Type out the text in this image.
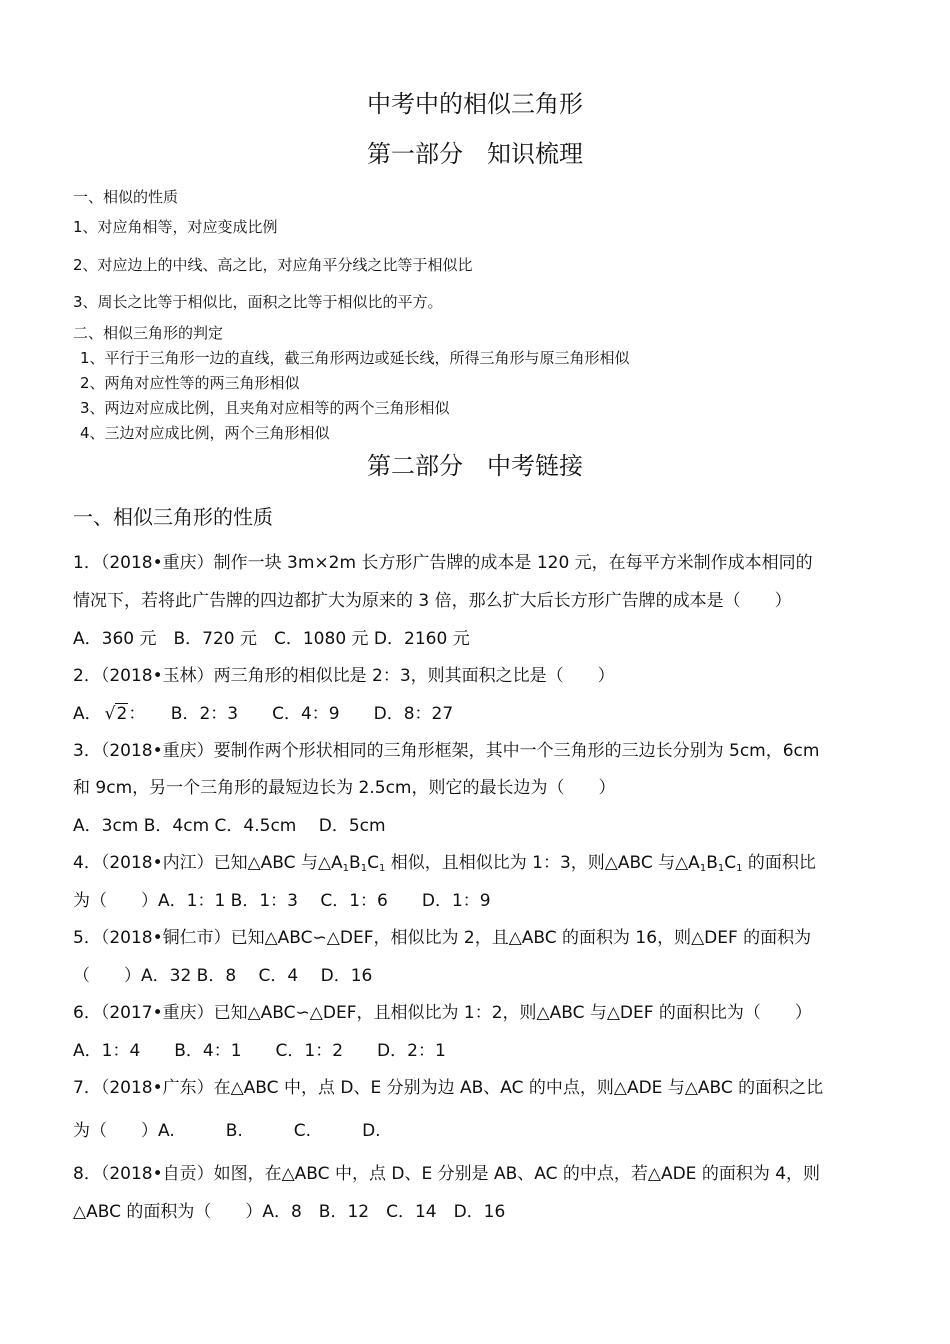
中考中的相似三角形
第一部分　知识梳理
一、相似的性质
1、对应角相等，对应变成比例
2、对应边上的中线、高之比，对应角平分线之比等于相似比
3、周长之比等于相似比，面积之比等于相似比的平方。
二、相似三角形的判定
1、平行于三角形一边的直线，截三角形两边或延长线，所得三角形与原三角形相似
2、两角对应性等的两三角形相似
3、两边对应成比例，且夹角对应相等的两个三角形相似
4、三边对应成比例，两个三角形相似
第二部分　中考链接
一、相似三角形的性质
1．（2018•重庆）制作一块 3m×2m 长方形广告牌的成本是 120 元，在每平方米制作成本相同的
情况下，若将此广告牌的四边都扩大为原来的 3 倍，那么扩大后长方形广告牌的成本是（　　）
A．360 元　B．720 元　C．1080 元 D．2160 元
2．（2018•玉林）两三角形的相似比是 2：3，则其面积之比是（　　）
A． √2：　　B．2：3　　C．4：9　　D．8：27
3．（2018•重庆）要制作两个形状相同的三角形框架，其中一个三角形的三边长分别为 5cm，6cm
和 9cm，另一个三角形的最短边长为 2.5cm，则它的最长边为（　　）
A．3cm B．4cm C．4.5cm　 D．5cm
4．（2018•内江）已知△ABC 与$\triangle A_1B_1C_1$ 相似，且相似比为 1：3，则△ABC 与$\triangle A_1B_1C_1$ 的面积比
为（　　）A．1：1 B．1：3　 C．1：6　　D．1：9
5．（2018•铜仁市）已知△ABC∽△DEF，相似比为 2，且△ABC 的面积为 16，则△DEF 的面积为
（　　）A．32 B．8　 C．4　 D．16
6．（2017•重庆）已知△ABC∽△DEF，且相似比为 1：2，则△ABC 与△DEF 的面积比为（　　）
A．1：4　　B．4：1　　C．1：2　　D．2：1
7．（2018•广东）在△ABC 中，点 D、E 分别为边 AB、AC 的中点，则△ADE 与△ABC 的面积之比
为（　　）A.　　　B.　　　C.　　　D.
8．（2018•自贡）如图，在△ABC 中，点 D、E 分别是 AB、AC 的中点，若△ADE 的面积为 4，则
△ABC 的面积为（　　）A．8　B．12　C．14　D．16
